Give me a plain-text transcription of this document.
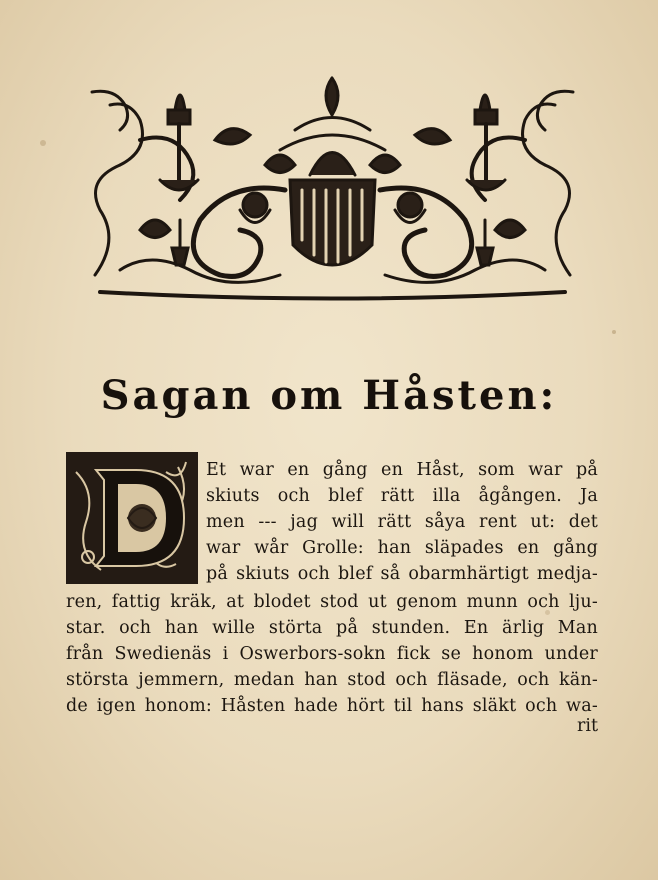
Sagan om Håsten:
Et war en gång en Håst, som war på
skiuts och blef rätt illa ågången. Ja
men --- jag will rätt såya rent ut: det
war wår Grolle: han släpades en gång
på skiuts och blef så obarmhärtigt medja-
ren, fattig kräk, at blodet stod ut genom munn och lju-
star. och han wille störta på stunden. En ärlig Man
från Swedienäs i Oswerbors-sokn fick se honom under
största jemmern, medan han stod och fläsade, och kän-
de igen honom: Håsten hade hört til hans släkt och wa-
rit
